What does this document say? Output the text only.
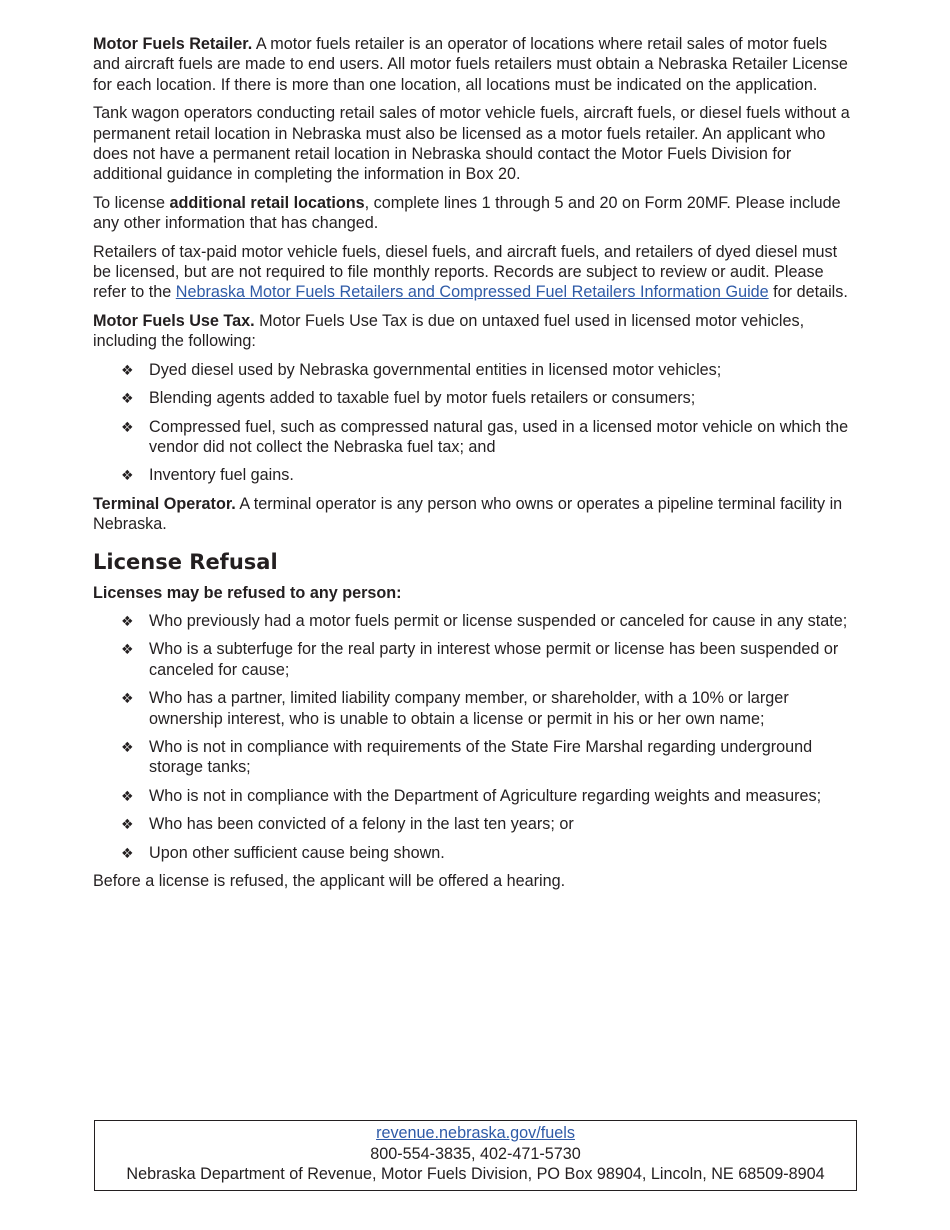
Motor Fuels Retailer. A motor fuels retailer is an operator of locations where retail sales of motor fuels and aircraft fuels are made to end users. All motor fuels retailers must obtain a Nebraska Retailer License for each location. If there is more than one location, all locations must be indicated on the application.

Tank wagon operators conducting retail sales of motor vehicle fuels, aircraft fuels, or diesel fuels without a permanent retail location in Nebraska must also be licensed as a motor fuels retailer. An applicant who does not have a permanent retail location in Nebraska should contact the Motor Fuels Division for additional guidance in completing the information in Box 20.

To license additional retail locations, complete lines 1 through 5 and 20 on Form 20MF. Please include any other information that has changed.

Retailers of tax-paid motor vehicle fuels, diesel fuels, and aircraft fuels, and retailers of dyed diesel must be licensed, but are not required to file monthly reports. Records are subject to review or audit. Please refer to the Nebraska Motor Fuels Retailers and Compressed Fuel Retailers Information Guide for details.

Motor Fuels Use Tax. Motor Fuels Use Tax is due on untaxed fuel used in licensed motor vehicles, including the following:

❖ Dyed diesel used by Nebraska governmental entities in licensed motor vehicles;
❖ Blending agents added to taxable fuel by motor fuels retailers or consumers;
❖ Compressed fuel, such as compressed natural gas, used in a licensed motor vehicle on which the vendor did not collect the Nebraska fuel tax; and
❖ Inventory fuel gains.

Terminal Operator. A terminal operator is any person who owns or operates a pipeline terminal facility in Nebraska.

License Refusal

Licenses may be refused to any person:

❖ Who previously had a motor fuels permit or license suspended or canceled for cause in any state;
❖ Who is a subterfuge for the real party in interest whose permit or license has been suspended or canceled for cause;
❖ Who has a partner, limited liability company member, or shareholder, with a 10% or larger ownership interest, who is unable to obtain a license or permit in his or her own name;
❖ Who is not in compliance with requirements of the State Fire Marshal regarding underground storage tanks;
❖ Who is not in compliance with the Department of Agriculture regarding weights and measures;
❖ Who has been convicted of a felony in the last ten years; or
❖ Upon other sufficient cause being shown.

Before a license is refused, the applicant will be offered a hearing.

revenue.nebraska.gov/fuels
800-554-3835, 402-471-5730
Nebraska Department of Revenue, Motor Fuels Division, PO Box 98904, Lincoln, NE 68509-8904
